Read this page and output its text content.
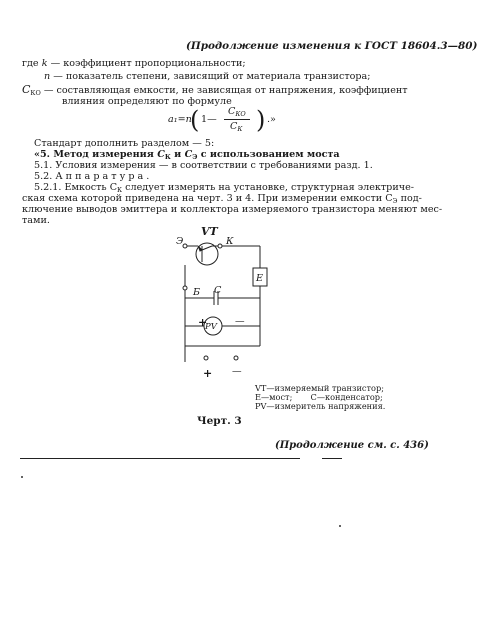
(Продолжение изменения к ГОСТ 18604.3—80)
где k — коэффициент пропорциональности;
n — показатель степени, зависящий от материала транзистора;
$C_{КО}$ — составляющая емкости, не зависящая от напряжения, коэффициент
влияния определяют по формуле
a₁=n
( 1—
$C_{КО}$
$C_К$ ) .»
Стандарт дополнить разделом — 5:
«5. Метод измерения $C_К$ и $C_Э$ с использованием моста
5.1. Условия измерения — в соответствии с требованиями разд. 1.
5.2. А п п а р а т у р а .
5.2.1. Емкость $C_К$ следует измерять на установке, структурная электриче-
ская схема которой приведена на черт. 3 и 4. При измерении емкости $C_Э$ под-
ключение выводов эмиттера и коллектора измеряемого транзистора меняют мес-
тами.
Э
VT
К
Б C
E
PV
+	—
+ —
VT—измеряемый транзистор;
E—мост;       C—конденсатор;
PV—измеритель напряжения.
Черт. 3
(Продолжение см. с. 436)
